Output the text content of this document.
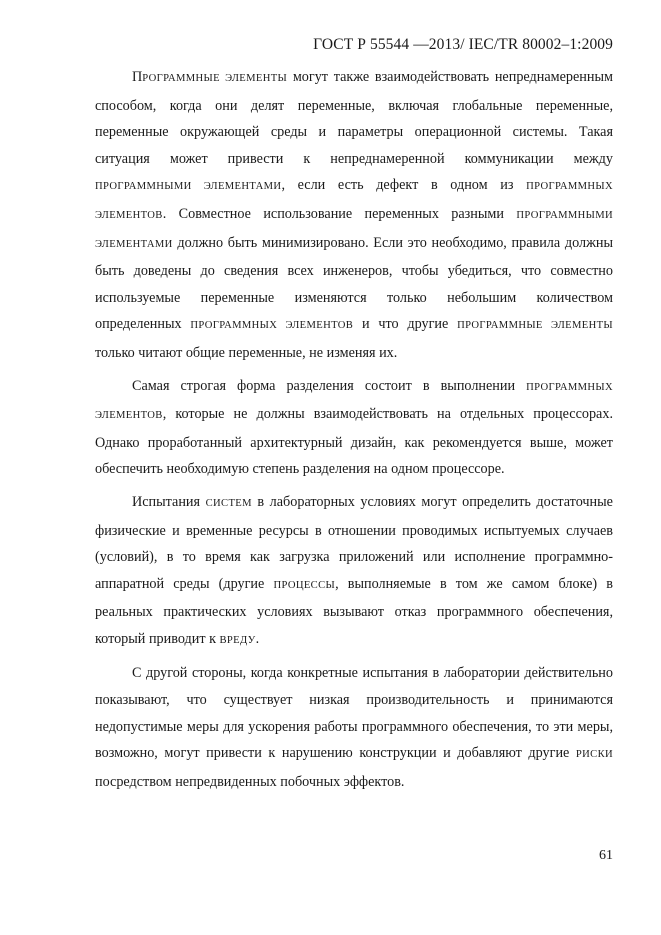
ГОСТ Р 55544 —2013/ IEC/TR 80002–1:2009

ПРОГРАММНЫЕ ЭЛЕМЕНТЫ могут также взаимодействовать непреднамеренным способом, когда они делят переменные, включая глобальные переменные, переменные окружающей среды и параметры операционной системы. Такая ситуация может привести к непреднамеренной коммуникации между ПРОГРАММНЫМИ ЭЛЕМЕНТАМИ, если есть дефект в одном из ПРОГРАММНЫХ ЭЛЕМЕНТОВ. Совместное использование переменных разными ПРОГРАММНЫМИ ЭЛЕМЕНТАМИ должно быть минимизировано. Если это необходимо, правила должны быть доведены до сведения всех инженеров, чтобы убедиться, что совместно используемые переменные изменяются только небольшим количеством определенных ПРОГРАММНЫХ ЭЛЕМЕНТОВ и что другие ПРОГРАММНЫЕ ЭЛЕМЕНТЫ только читают общие переменные, не изменяя их.

Самая строгая форма разделения состоит в выполнении ПРОГРАММНЫХ ЭЛЕМЕНТОВ, которые не должны взаимодействовать на отдельных процессорах. Однако проработанный архитектурный дизайн, как рекомендуется выше, может обеспечить необходимую степень разделения на одном процессоре.

Испытания СИСТЕМ в лабораторных условиях могут определить достаточные физические и временные ресурсы в отношении проводимых испытуемых случаев (условий), в то время как загрузка приложений или исполнение программно-аппаратной среды (другие ПРОЦЕССЫ, выполняемые в том же самом блоке) в реальных практических условиях вызывают отказ программного обеспечения, который приводит к ВРЕДУ.

С другой стороны, когда конкретные испытания в лаборатории действительно показывают, что существует низкая производительность и принимаются недопустимые меры для ускорения работы программного обеспечения, то эти меры, возможно, могут привести к нарушению конструкции и добавляют другие РИСКИ посредством непредвиденных побочных эффектов.

61
